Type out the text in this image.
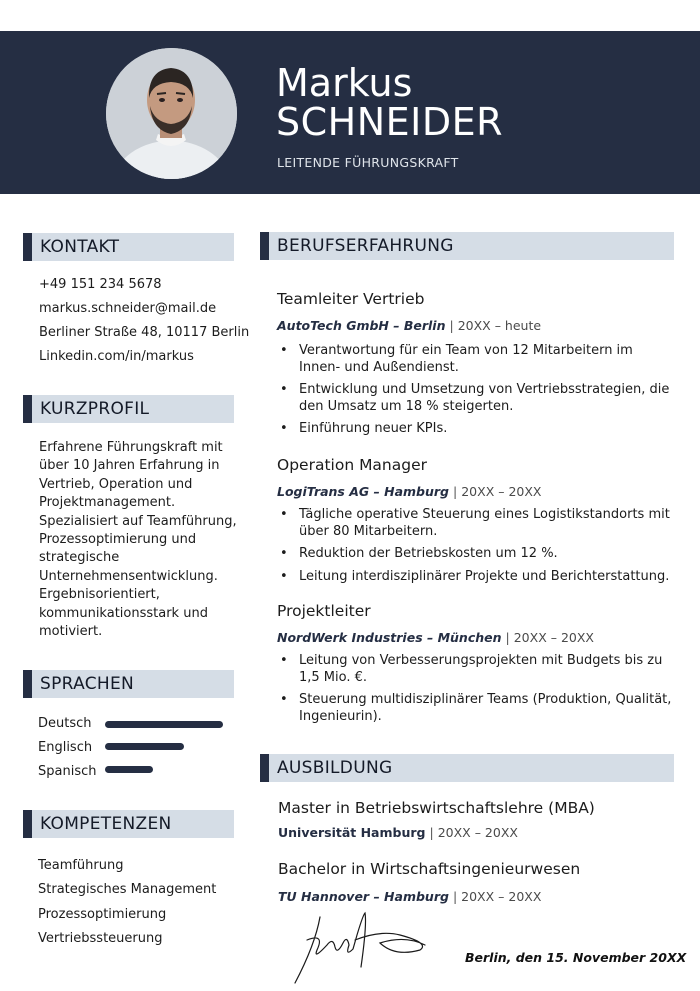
Markus
SCHNEIDER
LEITENDE FÜHRUNGSKRAFT
KONTAKT
+49 151 234 5678
markus.schneider@mail.de
Berliner Straße 48, 10117 Berlin
Linkedin.com/in/markus
KURZPROFIL
Erfahrene Führungskraft mit über 10 Jahren Erfahrung in Vertrieb, Operation und Projektmanagement. Spezialisiert auf Teamführung, Prozessoptimierung und strategische Unternehmensentwicklung. Ergebnisorientiert, kommunikationsstark und motiviert.
SPRACHEN
Deutsch
Englisch
Spanisch
KOMPETENZEN
Teamführung
Strategisches Management
Prozessoptimierung
Vertriebssteuerung
BERUFSERFAHRUNG
Teamleiter Vertrieb
AutoTech GmbH – Berlin | 20XX – heute
• Verantwortung für ein Team von 12 Mitarbeitern im Innen- und Außendienst.
• Entwicklung und Umsetzung von Vertriebsstrategien, die den Umsatz um 18 % steigerten.
• Einführung neuer KPIs.
Operation Manager
LogiTrans AG – Hamburg | 20XX – 20XX
• Tägliche operative Steuerung eines Logistikstandorts mit über 80 Mitarbeitern.
• Reduktion der Betriebskosten um 12 %.
• Leitung interdisziplinärer Projekte und Berichterstattung.
Projektleiter
NordWerk Industries – München | 20XX – 20XX
• Leitung von Verbesserungsprojekten mit Budgets bis zu 1,5 Mio. €.
• Steuerung multidisziplinärer Teams (Produktion, Qualität, Ingenieurin).
AUSBILDUNG
Master in Betriebswirtschaftslehre (MBA)
Universität Hamburg | 20XX – 20XX
Bachelor in Wirtschaftsingenieurwesen
TU Hannover – Hamburg | 20XX – 20XX
Berlin, den 15. November 20XX
